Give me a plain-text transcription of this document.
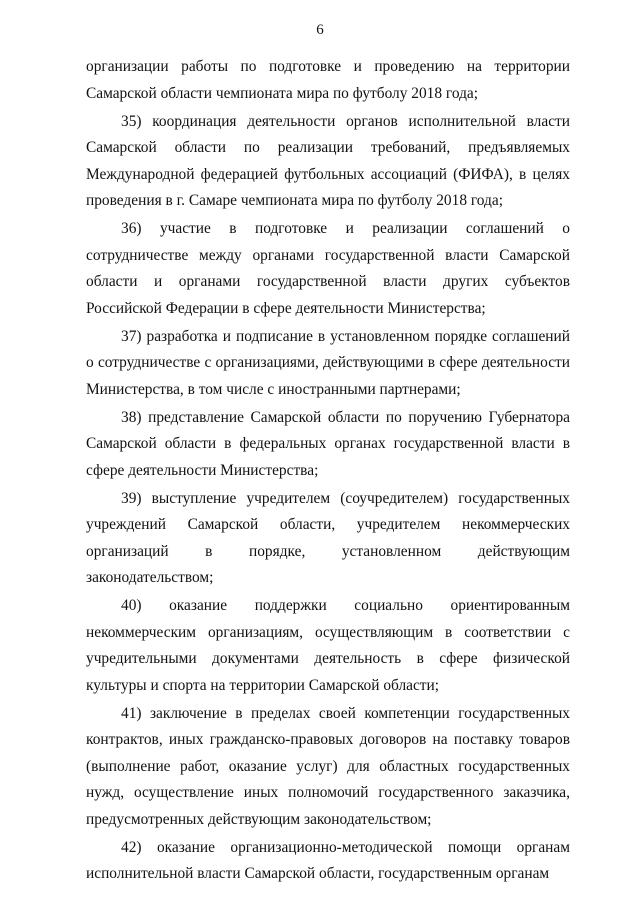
6

организации работы по подготовке и проведению на территории Самарской области чемпионата мира по футболу 2018 года;

35) координация деятельности органов исполнительной власти Самарской области по реализации требований, предъявляемых Международной федерацией футбольных ассоциаций (ФИФА), в целях проведения в г. Самаре чемпионата мира по футболу 2018 года;

36) участие в подготовке и реализации соглашений о сотрудничестве между органами государственной власти Самарской области и органами государственной власти других субъектов Российской Федерации в сфере деятельности Министерства;

37) разработка и подписание в установленном порядке соглашений о сотрудничестве с организациями, действующими в сфере деятельности Министерства, в том числе с иностранными партнерами;

38) представление Самарской области по поручению Губернатора Самарской области в федеральных органах государственной власти в сфере деятельности Министерства;

39) выступление учредителем (соучредителем) государственных учреждений Самарской области, учредителем некоммерческих организаций в порядке, установленном действующим законодательством;

40) оказание поддержки социально ориентированным некоммерческим организациям, осуществляющим в соответствии с учредительными документами деятельность в сфере физической культуры и спорта на территории Самарской области;

41) заключение в пределах своей компетенции государственных контрактов, иных гражданско-правовых договоров на поставку товаров (выполнение работ, оказание услуг) для областных государственных нужд, осуществление иных полномочий государственного заказчика, предусмотренных действующим законодательством;

42) оказание организационно-методической помощи органам исполнительной власти Самарской области, государственным органам
